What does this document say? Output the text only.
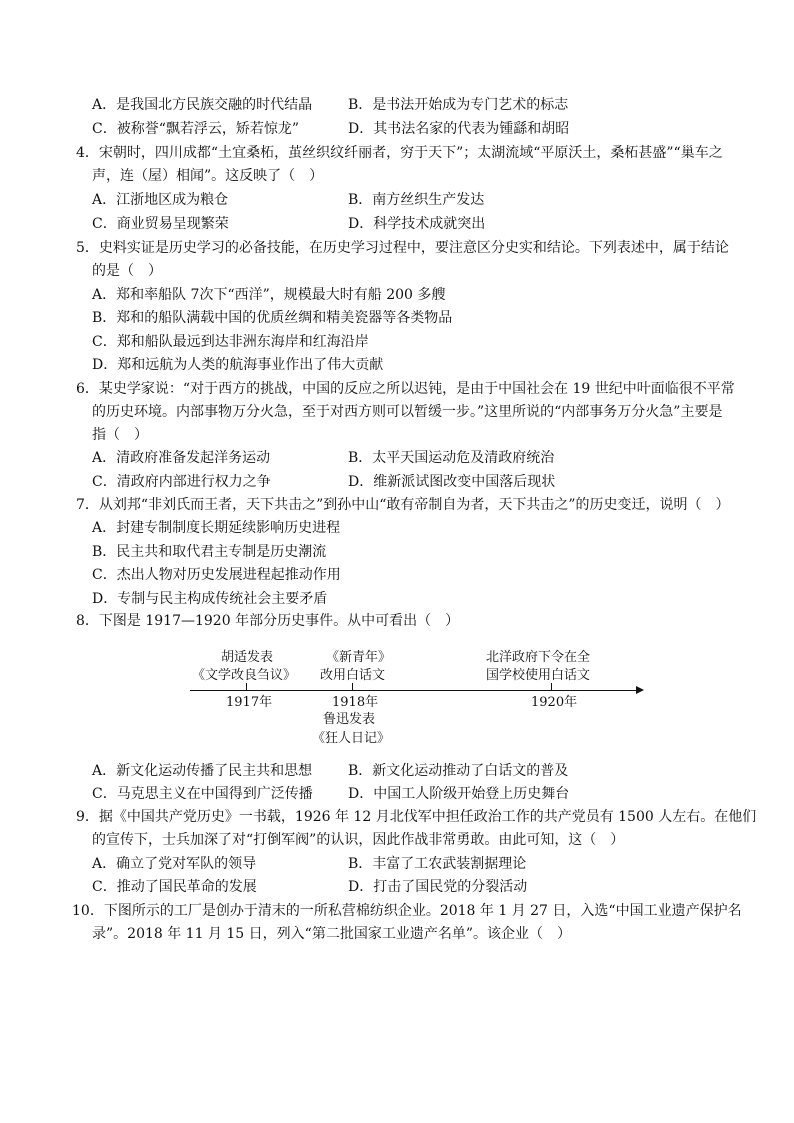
A．是我国北方民族交融的时代结晶	B．是书法开始成为专门艺术的标志
C．被称誉“飘若浮云，矫若惊龙”	D．其书法名家的代表为锺繇和胡昭
4．宋朝时，四川成都“土宜桑柘，茧丝织纹纤丽者，穷于天下”；太湖流域“平原沃土，桑柘甚盛”“巢车之
声，连（屋）相闻”。这反映了（　）
A．江浙地区成为粮仓	B．南方丝织生产发达
C．商业贸易呈现繁荣	D．科学技术成就突出
5．史料实证是历史学习的必备技能，在历史学习过程中，要注意区分史实和结论。下列表述中，属于结论
的是（　）
A．郑和率船队 7次下“西洋”，规模最大时有船 200 多艘
B．郑和的船队满载中国的优质丝绸和精美瓷器等各类物品
C．郑和船队最远到达非洲东海岸和红海沿岸
D．郑和远航为人类的航海事业作出了伟大贡献
6．某史学家说：“对于西方的挑战，中国的反应之所以迟钝，是由于中国社会在 19 世纪中叶面临很不平常
的历史环境。内部事物万分火急，至于对西方则可以暂缓一步。”这里所说的“内部事务万分火急”主要是
指（　）
A．清政府准备发起洋务运动	B．太平天国运动危及清政府统治
C．清政府内部进行权力之争	D．维新派试图改变中国落后现状
7．从刘邦“非刘氏而王者，天下共击之”到孙中山“敢有帝制自为者，天下共击之”的历史变迁，说明（　）
A．封建专制制度长期延续影响历史进程
B．民主共和取代君主专制是历史潮流
C．杰出人物对历史发展进程起推动作用
D．专制与民主构成传统社会主要矛盾
8．下图是 1917—1920 年部分历史事件。从中可看出（　）
胡适发表
《文学改良刍议》
《新青年》
改用白话文
北洋政府下令在全
国学校使用白话文
1917年	1918年	1920年
鲁迅发表
《狂人日记》
A．新文化运动传播了民主共和思想	B．新文化运动推动了白话文的普及
C．马克思主义在中国得到广泛传播	D．中国工人阶级开始登上历史舞台
9．据《中国共产党历史》一书载，1926 年 12 月北伐军中担任政治工作的共产党员有 1500 人左右。在他们
的宣传下，士兵加深了对“打倒军阀”的认识，因此作战非常勇敢。由此可知，这（　）
A．确立了党对军队的领导	B．丰富了工农武装割据理论
C．推动了国民革命的发展	D．打击了国民党的分裂活动
10．下图所示的工厂是创办于清末的一所私营棉纺织企业。2018 年 1 月 27 日，入选“中国工业遗产保护名
录”。2018 年 11 月 15 日，列入“第二批国家工业遗产名单”。该企业（　）
